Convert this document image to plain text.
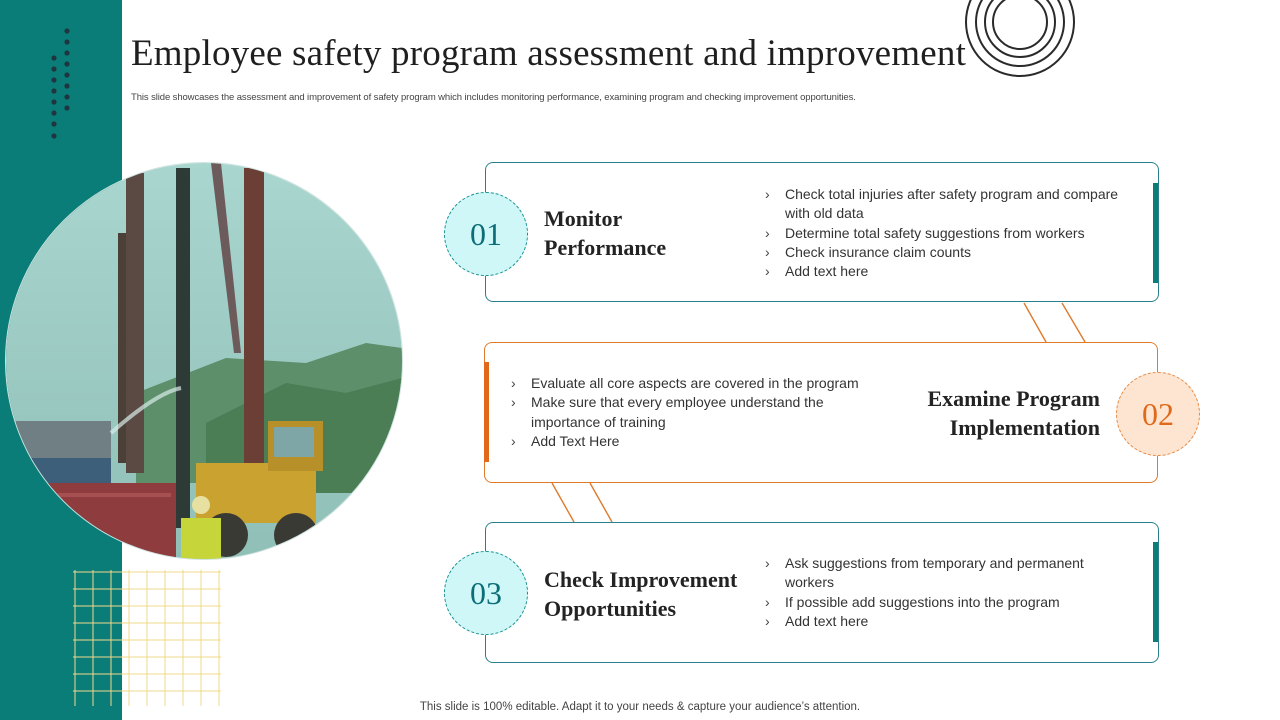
Employee safety program assessment and improvement
This slide showcases the assessment and improvement of safety program which includes monitoring performance, examining program and checking improvement opportunities.
01	Monitor
Performance
› Check total injuries after safety program and compare with old data
› Determine total safety suggestions from workers
› Check insurance claim counts
› Add text here
02
Examine Program
Implementation
› Evaluate all core aspects are covered in the program
› Make sure that every employee understand the importance of training
› Add Text Here
03	Check Improvement
Opportunities
› Ask suggestions from temporary and permanent workers
› If possible add suggestions into the program
› Add text here
This slide is 100% editable. Adapt it to your needs & capture your audience’s attention.
